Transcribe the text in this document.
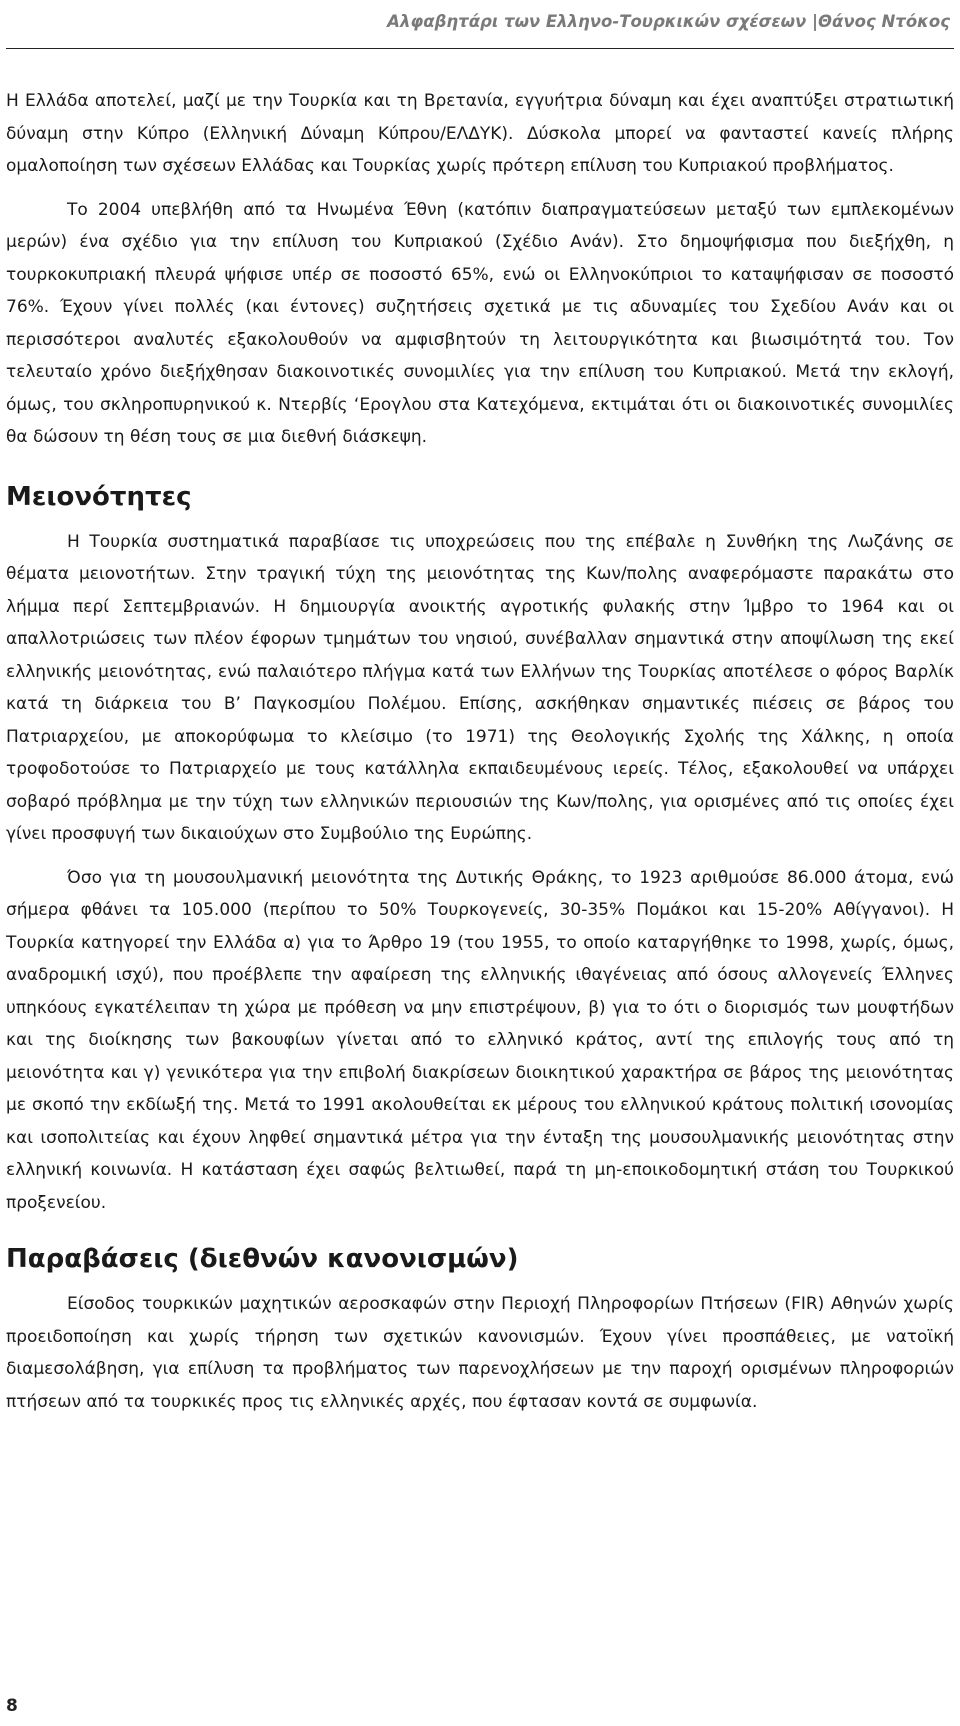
Αλφαβητάρι των Ελληνο-Τουρκικών σχέσεων |Θάνος Ντόκος

Η Ελλάδα αποτελεί, μαζί με την Τουρκία και τη Βρετανία, εγγυήτρια δύναμη και έχει αναπτύξει στρατιωτική δύναμη στην Κύπρο (Ελληνική Δύναμη Κύπρου/ΕΛΔΥΚ). Δύσκολα μπορεί να φανταστεί κανείς πλήρης ομαλοποίηση των σχέσεων Ελλάδας και Τουρκίας χωρίς πρότερη επίλυση του Κυπριακού προβλήματος.

Το 2004 υπεβλήθη από τα Ηνωμένα Έθνη (κατόπιν διαπραγματεύσεων μεταξύ των εμπλεκομένων μερών) ένα σχέδιο για την επίλυση του Κυπριακού (Σχέδιο Ανάν). Στο δημοψήφισμα που διεξήχθη, η τουρκοκυπριακή πλευρά ψήφισε υπέρ σε ποσοστό 65%, ενώ οι Ελληνοκύπριοι το καταψήφισαν σε ποσοστό 76%. Έχουν γίνει πολλές (και έντονες) συζητήσεις σχετικά με τις αδυναμίες του Σχεδίου Ανάν και οι περισσότεροι αναλυτές εξακολουθούν να αμφισβητούν τη λειτουργικότητα και βιωσιμότητά του. Τον τελευταίο χρόνο διεξήχθησαν διακοινοτικές συνομιλίες για την επίλυση του Κυπριακού. Μετά την εκλογή, όμως, του σκληροπυρηνικού κ. Ντερβίς ‘Ερογλου στα Κατεχόμενα, εκτιμάται ότι οι διακοινοτικές συνομιλίες θα δώσουν τη θέση τους σε μια διεθνή διάσκεψη.

Μειονότητες

Η Τουρκία συστηματικά παραβίασε τις υποχρεώσεις που της επέβαλε η Συνθήκη της Λωζάνης σε θέματα μειονοτήτων. Στην τραγική τύχη της μειονότητας της Κων/πολης αναφερόμαστε παρακάτω στο λήμμα περί Σεπτεμβριανών. Η δημιουργία ανοικτής αγροτικής φυλακής στην Ίμβρο το 1964 και οι απαλλοτριώσεις των πλέον έφορων τμημάτων του νησιού, συνέβαλλαν σημαντικά στην αποψίλωση της εκεί ελληνικής μειονότητας, ενώ παλαιότερο πλήγμα κατά των Ελλήνων της Τουρκίας αποτέλεσε ο φόρος Βαρλίκ κατά τη διάρκεια του Β’ Παγκοσμίου Πολέμου. Επίσης, ασκήθηκαν σημαντικές πιέσεις σε βάρος του Πατριαρχείου, με αποκορύφωμα το κλείσιμο (το 1971) της Θεολογικής Σχολής της Χάλκης, η οποία τροφοδοτούσε το Πατριαρχείο με τους κατάλληλα εκπαιδευμένους ιερείς. Τέλος, εξακολουθεί να υπάρχει σοβαρό πρόβλημα με την τύχη των ελληνικών περιουσιών της Κων/πολης, για ορισμένες από τις οποίες έχει γίνει προσφυγή των δικαιούχων στο Συμβούλιο της Ευρώπης.

Όσο για τη μουσουλμανική μειονότητα της Δυτικής Θράκης, το 1923 αριθμούσε 86.000 άτομα, ενώ σήμερα φθάνει τα 105.000 (περίπου το 50% Τουρκογενείς, 30-35% Πομάκοι και 15-20% Αθίγγανοι). Η Τουρκία κατηγορεί την Ελλάδα α) για το Άρθρο 19 (του 1955, το οποίο καταργήθηκε το 1998, χωρίς, όμως, αναδρομική ισχύ), που προέβλεπε την αφαίρεση της ελληνικής ιθαγένειας από όσους αλλογενείς Έλληνες υπηκόους εγκατέλειπαν τη χώρα με πρόθεση να μην επιστρέψουν, β) για το ότι ο διορισμός των μουφτήδων και της διοίκησης των βακουφίων γίνεται από το ελληνικό κράτος, αντί της επιλογής τους από τη μειονότητα και γ) γενικότερα για την επιβολή διακρίσεων διοικητικού χαρακτήρα σε βάρος της μειονότητας με σκοπό την εκδίωξή της. Μετά το 1991 ακολουθείται εκ μέρους του ελληνικού κράτους πολιτική ισονομίας και ισοπολιτείας και έχουν ληφθεί σημαντικά μέτρα για την ένταξη της μουσουλμανικής μειονότητας στην ελληνική κοινωνία. Η κατάσταση έχει σαφώς βελτιωθεί, παρά τη μη-εποικοδομητική στάση του Τουρκικού προξενείου.

Παραβάσεις (διεθνών κανονισμών)

Είσοδος τουρκικών μαχητικών αεροσκαφών στην Περιοχή Πληροφορίων Πτήσεων (FIR) Αθηνών χωρίς προειδοποίηση και χωρίς τήρηση των σχετικών κανονισμών. Έχουν γίνει προσπάθειες, με νατοϊκή διαμεσολάβηση, για επίλυση τα προβλήματος των παρενοχλήσεων με την παροχή ορισμένων πληροφοριών πτήσεων από τα τουρκικές προς τις ελληνικές αρχές, που έφτασαν κοντά σε συμφωνία.

8
